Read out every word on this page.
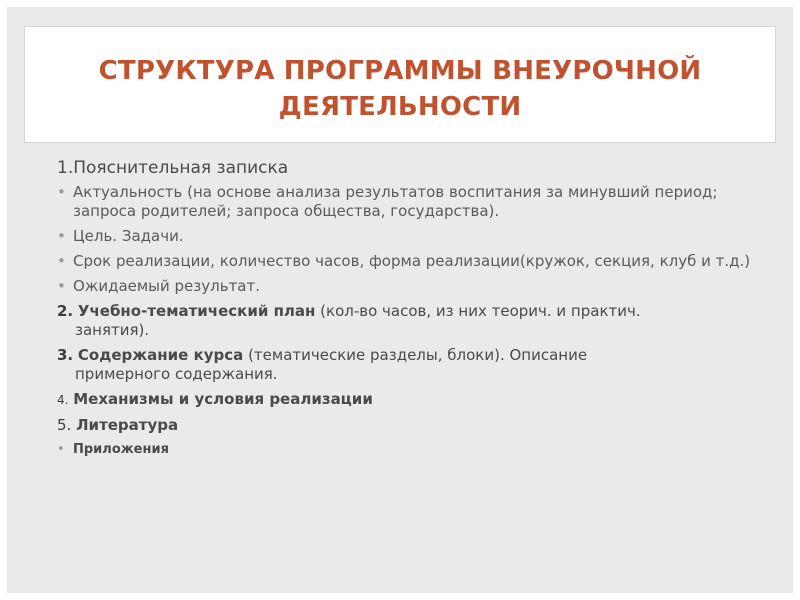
СТРУКТУРА ПРОГРАММЫ ВНЕУРОЧНОЙ ДЕЯТЕЛЬНОСТИ
1.Пояснительная записка
• Актуальность (на основе анализа результатов воспитания за минувший период; запроса родителей; запроса общества, государства).
• Цель. Задачи.
• Срок реализации, количество часов, форма реализации(кружок, секция, клуб и т.д.)
• Ожидаемый результат.
2. Учебно-тематический план (кол-во часов, из них теорич. и практич.
занятия).
3. Содержание курса (тематические разделы, блоки). Описание
примерного содержания.
4. Механизмы и условия реализации
5. Литература
• Приложения
